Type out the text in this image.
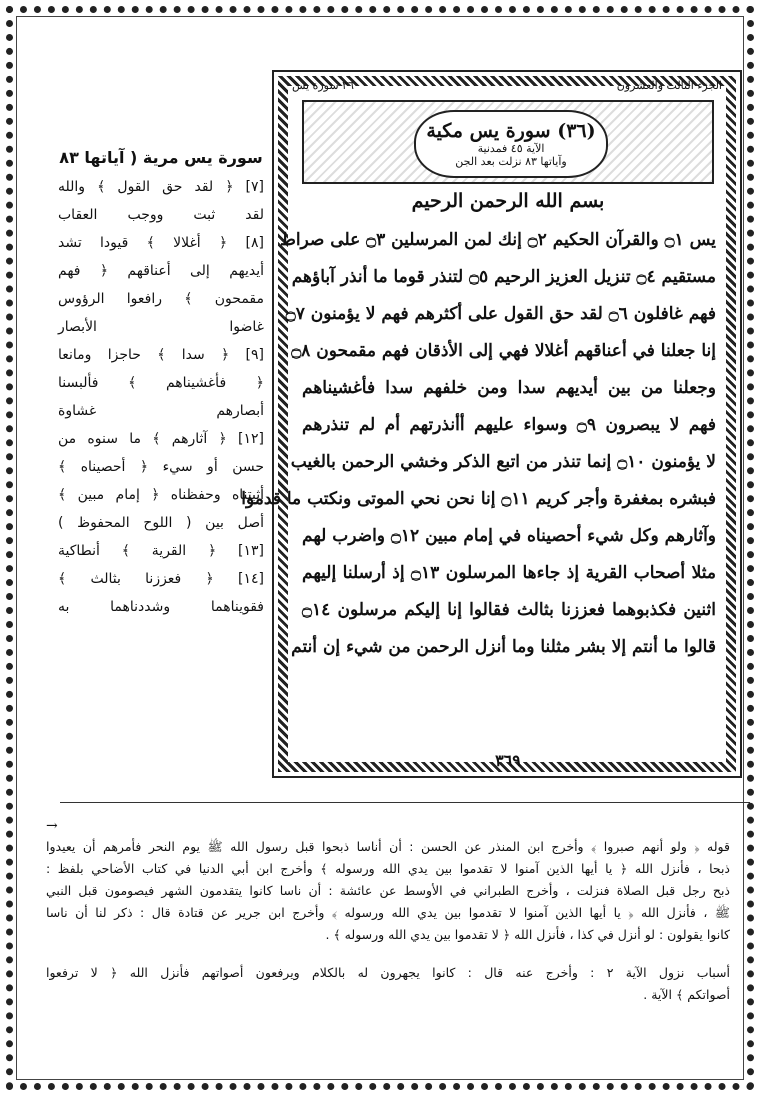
الجزء الثالث والعشرون
٣٦ سورة يس
(٣٦) سورة يس مكية
الآية ٤٥ فمدنية
وآياتها ٨٣ نزلت بعد الجن
بسم الله الرحمن الرحيم
يس ۝١ والقرآن الحكيم ۝٢ إنك لمن المرسلين ۝٣ على صراط
مستقيم ۝٤ تنزيل العزيز الرحيم ۝٥ لتنذر قوما ما أنذر آباؤهم
فهم غافلون ۝٦ لقد حق القول على أكثرهم فهم لا يؤمنون ۝٧
إنا جعلنا في أعناقهم أغلالا فهي إلى الأذقان فهم مقمحون ۝٨
وجعلنا من بين أيديهم سدا ومن خلفهم سدا فأغشيناهم
فهم لا يبصرون ۝٩ وسواء عليهم أأنذرتهم أم لم تنذرهم
لا يؤمنون ۝١٠ إنما تنذر من اتبع الذكر وخشي الرحمن بالغيب
فبشره بمغفرة وأجر كريم ۝١١ إنا نحن نحي الموتى ونكتب ما قدموا
وآثارهم وكل شيء أحصيناه في إمام مبين ۝١٢ واضرب لهم
مثلا أصحاب القرية إذ جاءها المرسلون ۝١٣ إذ أرسلنا إليهم
اثنين فكذبوهما فعززنا بثالث فقالوا إنا إليكم مرسلون ۝١٤
قالوا ما أنتم إلا بشر مثلنا وما أنزل الرحمن من شيء إن أنتم
٣٦٩
سورة يس مرية ( آياتها ٨٣
[٧] ﴿ لقد حق القول ﴾ والله
لقد ثبت ووجب العقاب
[٨] ﴿ أغلالا ﴾ قيودا تشد
أيديهم إلى أعناقهم ﴿ فهم
مقمحون ﴾ رافعوا الرؤوس
غاضوا الأبصار
[٩] ﴿ سدا ﴾ حاجزا ومانعا
﴿ فأغشيناهم ﴾ فألبسنا
أبصارهم غشاوة
[١٢] ﴿ آثارهم ﴾ ما سنوه من
حسن أو سيء ﴿ أحصيناه ﴾
أثبتناه وحفظناه ﴿ إمام مبين ﴾
أصل بين ( اللوح المحفوظ )
[١٣] ﴿ القرية ﴾ أنطاكية
[١٤] ﴿ فعززنا بثالث ﴾
فقويناهما وشددناهما به
→
قوله ﴿ ولو أنهم صبروا ﴾ وأخرج ابن المنذر عن الحسن : أن أناسا ذبحوا قبل رسول الله ﷺ يوم النحر فأمرهم أن يعيدوا
ذبحا ، فأنزل الله ﴿ يا أيها الذين آمنوا لا تقدموا بين يدي الله ورسوله ﴾ وأخرج ابن أبي الدنيا في كتاب الأضاحي بلفظ :
ذبح رجل قبل الصلاة فنزلت ، وأخرج الطبراني في الأوسط عن عائشة : أن ناسا كانوا يتقدمون الشهر فيصومون قبل النبي
ﷺ ، فأنزل الله ﴿ يا أيها الذين آمنوا لا تقدموا بين يدي الله ورسوله ﴾ وأخرج ابن جرير عن قتادة قال : ذكر لنا أن ناسا
كانوا يقولون : لو أنزل في كذا ، فأنزل الله ﴿ لا تقدموا بين يدي الله ورسوله ﴾ .
أسباب نزول الآية ٢ : وأخرج عنه قال : كانوا يجهرون له بالكلام ويرفعون أصواتهم فأنزل الله ﴿ لا ترفعوا
أصواتكم ﴾ الآية .
